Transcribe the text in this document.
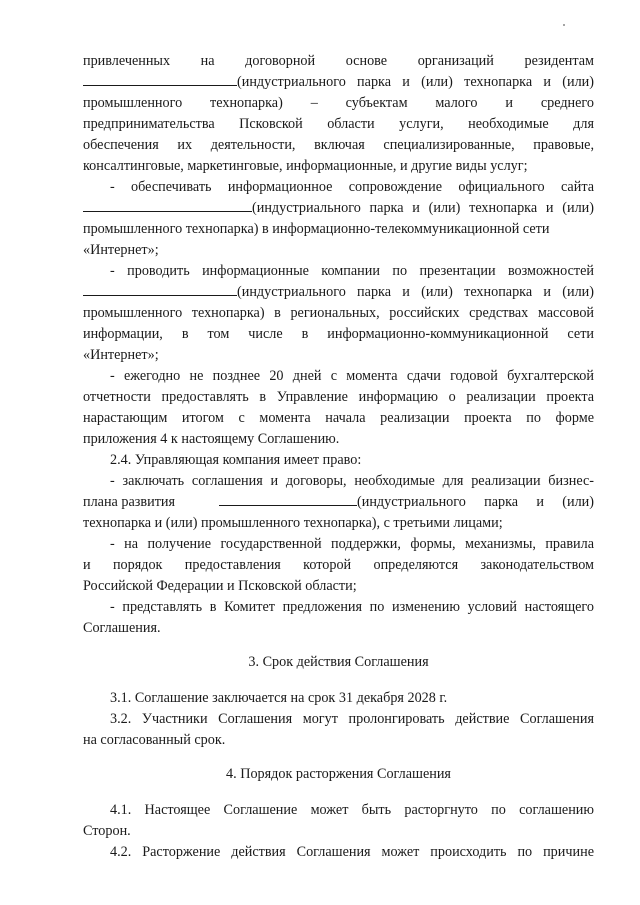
привлеченных на договорной основе организаций резидентам
(индустриального парка и (или) технопарка и (или)
промышленного технопарка) – субъектам малого и среднего
предпринимательства Псковской области услуги, необходимые для
обеспечения их деятельности, включая специализированные, правовые,
консалтинговые, маркетинговые, информационные, и другие виды услуг;
- обеспечивать информационное сопровождение официального сайта
(индустриального парка и (или) технопарка и (или)
промышленного технопарка) в информационно-телекоммуникационной сети
«Интернет»;
- проводить информационные компании по презентации возможностей
(индустриального парка и (или) технопарка и (или)
промышленного технопарка) в региональных, российских средствах массовой
информации, в том числе в информационно-коммуникационной сети
«Интернет»;
- ежегодно не позднее 20 дней с момента сдачи годовой бухгалтерской
отчетности предоставлять в Управление информацию о реализации проекта
нарастающим итогом с момента начала реализации проекта по форме
приложения 4 к настоящему Соглашению.
2.4. Управляющая компания имеет право:
- заключать соглашения и договоры, необходимые для реализации бизнес-
плана развития	(индустриального парка и (или)
технопарка и (или) промышленного технопарка), с третьими лицами;
- на получение государственной поддержки, формы, механизмы, правила
и порядок предоставления которой определяются законодательством
Российской Федерации и Псковской области;
- представлять в Комитет предложения по изменению условий настоящего
Соглашения.
3. Срок действия Соглашения
3.1. Соглашение заключается на срок 31 декабря 2028 г.
3.2. Участники Соглашения могут пролонгировать действие Соглашения
на согласованный срок.
4. Порядок расторжения Соглашения
4.1. Настоящее Соглашение может быть расторгнуто по соглашению
Сторон.
4.2. Расторжение действия Соглашения может происходить по причине
